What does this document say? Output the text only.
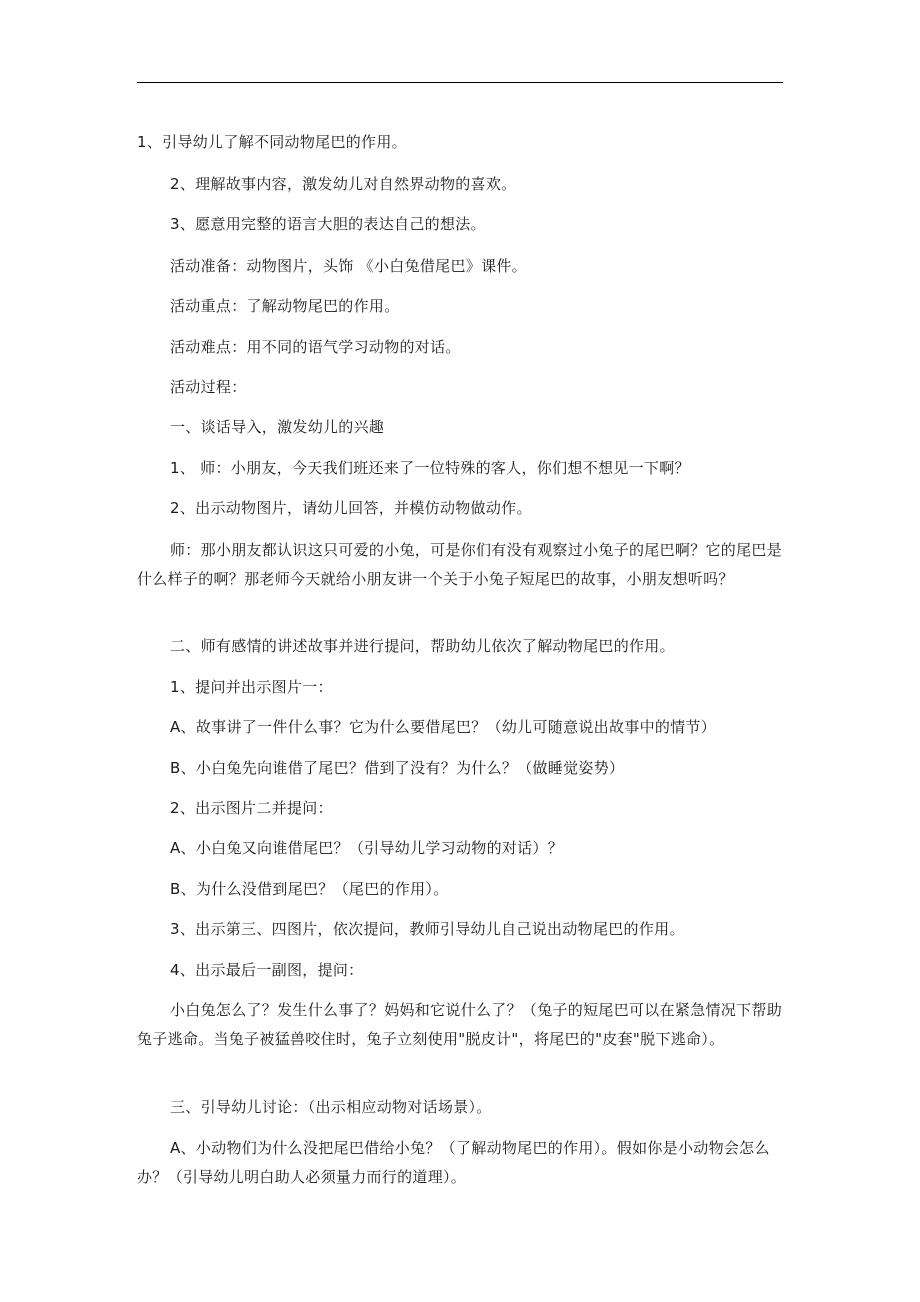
1、引导幼儿了解不同动物尾巴的作用。
2、理解故事内容，激发幼儿对自然界动物的喜欢。
3、愿意用完整的语言大胆的表达自己的想法。
活动准备：动物图片，头饰 《小白兔借尾巴》课件。
活动重点：了解动物尾巴的作用。
活动难点：用不同的语气学习动物的对话。
活动过程：
一、谈话导入，激发幼儿的兴趣
1、 师：小朋友，今天我们班还来了一位特殊的客人，你们想不想见一下啊？
2、出示动物图片，请幼儿回答，并模仿动物做动作。
师：那小朋友都认识这只可爱的小兔，可是你们有没有观察过小兔子的尾巴啊？它的尾巴是什么样子的啊？那老师今天就给小朋友讲一个关于小兔子短尾巴的故事，小朋友想听吗？
二、师有感情的讲述故事并进行提问，帮助幼儿依次了解动物尾巴的作用。
1、提问并出示图片一：
A、故事讲了一件什么事？它为什么要借尾巴？（幼儿可随意说出故事中的情节）
B、小白兔先向谁借了尾巴？借到了没有？为什么？（做睡觉姿势）
2、出示图片二并提问：
A、小白兔又向谁借尾巴？（引导幼儿学习动物的对话）？
B、为什么没借到尾巴？（尾巴的作用）。
3、出示第三、四图片，依次提问，教师引导幼儿自己说出动物尾巴的作用。
4、出示最后一副图，提问：
小白兔怎么了？发生什么事了？妈妈和它说什么了？（兔子的短尾巴可以在紧急情况下帮助兔子逃命。当兔子被猛兽咬住时，兔子立刻使用"脱皮计"，将尾巴的"皮套"脱下逃命）。
三、引导幼儿讨论：（出示相应动物对话场景）。
A、小动物们为什么没把尾巴借给小兔？（了解动物尾巴的作用）。假如你是小动物会怎么办？（引导幼儿明白助人必须量力而行的道理）。
